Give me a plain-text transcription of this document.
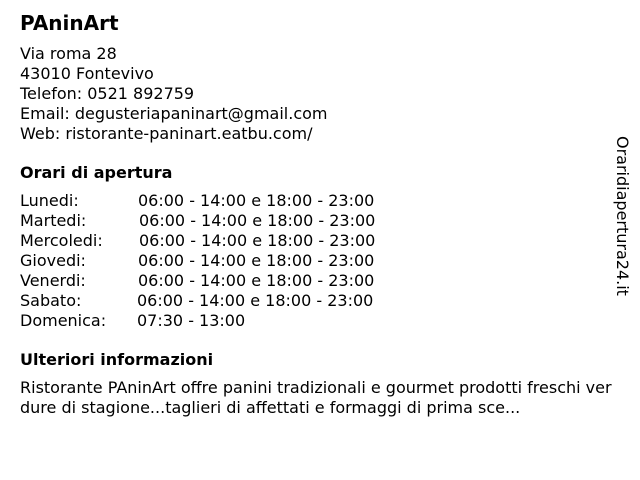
PAninArt
Via roma 28
43010 Fontevivo
Telefon: 0521 892759
Email: degusteriapaninart@gmail.com
Web: ristorante-paninart.eatbu.com/
Orari di apertura
Lunedi:	06:00 - 14:00 e 18:00 - 23:00
Martedi:	06:00 - 14:00 e 18:00 - 23:00
Mercoledi:	06:00 - 14:00 e 18:00 - 23:00
Giovedi:	06:00 - 14:00 e 18:00 - 23:00
Venerdi:	06:00 - 14:00 e 18:00 - 23:00
Sabato:	06:00 - 14:00 e 18:00 - 23:00
Domenica:	07:30 - 13:00
Ulteriori informazioni
Ristorante PAninArt offre panini tradizionali e gourmet prodotti freschi verdure di stagione...taglieri di affettati e formaggi di prima sce...
Oraridiapertura24.it
